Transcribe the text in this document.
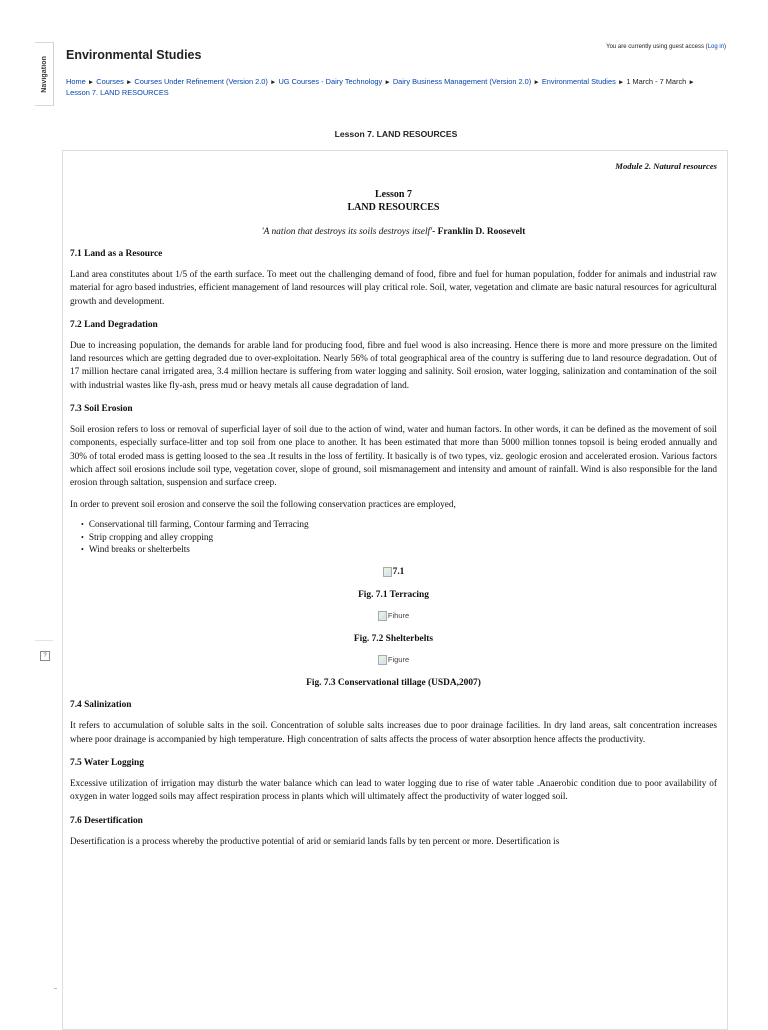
Navigation
?
You are currently using guest access (Log in)
Environmental Studies
Home ► Courses ► Courses Under Refinement (Version 2.0) ► UG Courses - Dairy Technology ► Dairy Business Management (Version 2.0) ► Environmental Studies ► 1 March - 7 March ► Lesson 7. LAND RESOURCES
Lesson 7. LAND RESOURCES

Module 2. Natural resources

Lesson 7

LAND RESOURCES

'A nation that destroys its soils destroys itself'- Franklin D. Roosevelt

7.1 Land as a Resource

Land area constitutes about 1/5 of the earth surface. To meet out the challenging demand of food, fibre and fuel for human population, fodder for animals and industrial raw material for agro based industries, efficient management of land resources will play critical role. Soil, water, vegetation and climate are basic natural resources for agricultural growth and development.

7.2 Land Degradation

Due to increasing population, the demands for arable land for producing food, fibre and fuel wood is also increasing. Hence there is more and more pressure on the limited land resources which are getting degraded due to over-exploitation. Nearly 56% of total geographical area of the country is suffering due to land resource degradation. Out of 17 million hectare canal irrigated area, 3.4 million hectare is suffering from water logging and salinity. Soil erosion, water logging, salinization and contamination of the soil with industrial wastes like fly-ash, press mud or heavy metals all cause degradation of land.

7.3 Soil Erosion

Soil erosion refers to loss or removal of superficial layer of soil due to the action of wind, water and human factors. In other words, it can be defined as the movement of soil components, especially surface-litter and top soil from one place to another. It has been estimated that more than 5000 million tonnes topsoil is being eroded annually and 30% of total eroded mass is getting loosed to the sea .It results in the loss of fertility. It basically is of two types, viz. geologic erosion and accelerated erosion. Various factors which affect soil erosions include soil type, vegetation cover, slope of ground, soil mismanagement and intensity and amount of rainfall. Wind is also responsible for the land erosion through saltation, suspension and surface creep.

In order to prevent soil erosion and conserve the soil the following conservation practices are employed,

• Conservational till farming, Contour farming and Terracing
• Strip cropping and alley cropping
• Wind breaks or shelterbelts
7.1

Fig. 7.1 Terracing

Fihure

Fig. 7.2 Shelterbelts

Figure

Fig. 7.3 Conservational tillage (USDA,2007)

7.4 Salinization

It refers to accumulation of soluble salts in the soil. Concentration of soluble salts increases due to poor drainage facilities. In dry land areas, salt concentration increases where poor drainage is accompanied by high temperature. High concentration of salts affects the process of water absorption hence affects the productivity.

7.5 Water Logging

Excessive utilization of irrigation may disturb the water balance which can lead to water logging due to rise of water table .Anaerobic condition due to poor availability of oxygen in water logged soils may affect respiration process in plants which will ultimately affect the productivity of water logged soil.

7.6 Desertification

Desertification is a process whereby the productive potential of arid or semiarid lands falls by ten percent or more. Desertification is
